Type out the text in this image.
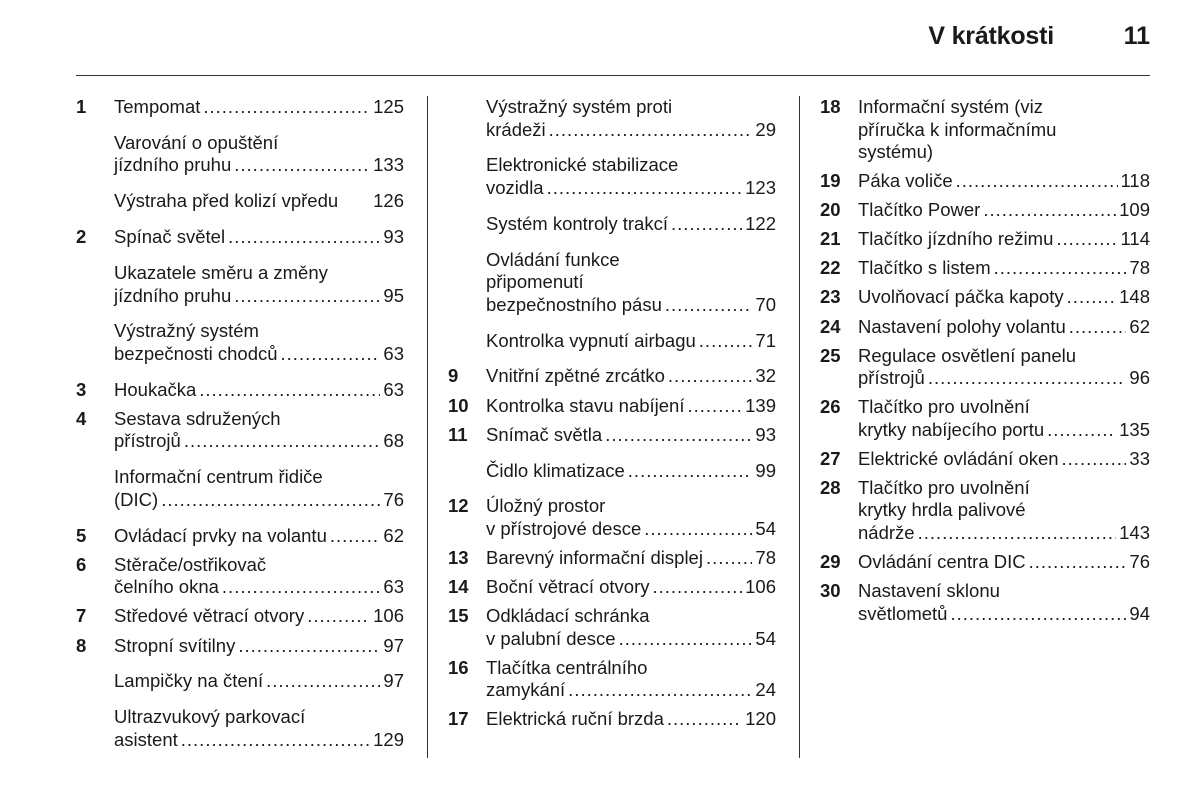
V krátkosti	11
1 Tempomat .....	125
Varování o opuštění
jízdního pruhu .....	133
Výstraha před kolizí vpředu 126
2 Spínač světel .....	93
Ukazatele směru a změny
jízdního pruhu .....	95
Výstražný systém
bezpečnosti chodců .....	63
3 Houkačka .....	63
4 Sestava sdružených
přístrojů .....	68
Informační centrum řidiče
(DIC) .....	76
5 Ovládací prvky na volantu .....	62
6 Stěrače/ostřikovač
čelního okna .....	63
7 Středové větrací otvory .....	106
8 Stropní svítilny .....	97
Lampičky na čtení .....	97
Ultrazvukový parkovací
asistent .....	129
Výstražný systém proti
krádeži .....	29
Elektronické stabilizace
vozidla .....	123
Systém kontroly trakcí .....	122
Ovládání funkce
připomenutí
bezpečnostního pásu .....	70
Kontrolka vypnutí airbagu .....	71
9 Vnitřní zpětné zrcátko .....	32
10 Kontrolka stavu nabíjení .....	139
11 Snímač světla .....	93
Čidlo klimatizace .....	99
12 Úložný prostor
v přístrojové desce .....	54
13 Barevný informační displej .....	78
14 Boční větrací otvory .....	106
15 Odkládací schránka
v palubní desce .....	54
16 Tlačítka centrálního
zamykání .....	24
17 Elektrická ruční brzda .....	120
18 Informační systém (viz
příručka k informačnímu
systému)
19 Páka voliče .....	118
20 Tlačítko Power .....	109
21 Tlačítko jízdního režimu .....	114
22 Tlačítko s listem .....	78
23 Uvolňovací páčka kapoty .....	148
24 Nastavení polohy volantu .....	62
25 Regulace osvětlení panelu
přístrojů .....	96
26 Tlačítko pro uvolnění
krytky nabíjecího portu .....	135
27 Elektrické ovládání oken .....	33
28 Tlačítko pro uvolnění
krytky hrdla palivové
nádrže .....	143
29 Ovládání centra DIC .....	76
30 Nastavení sklonu
světlometů .....	94
